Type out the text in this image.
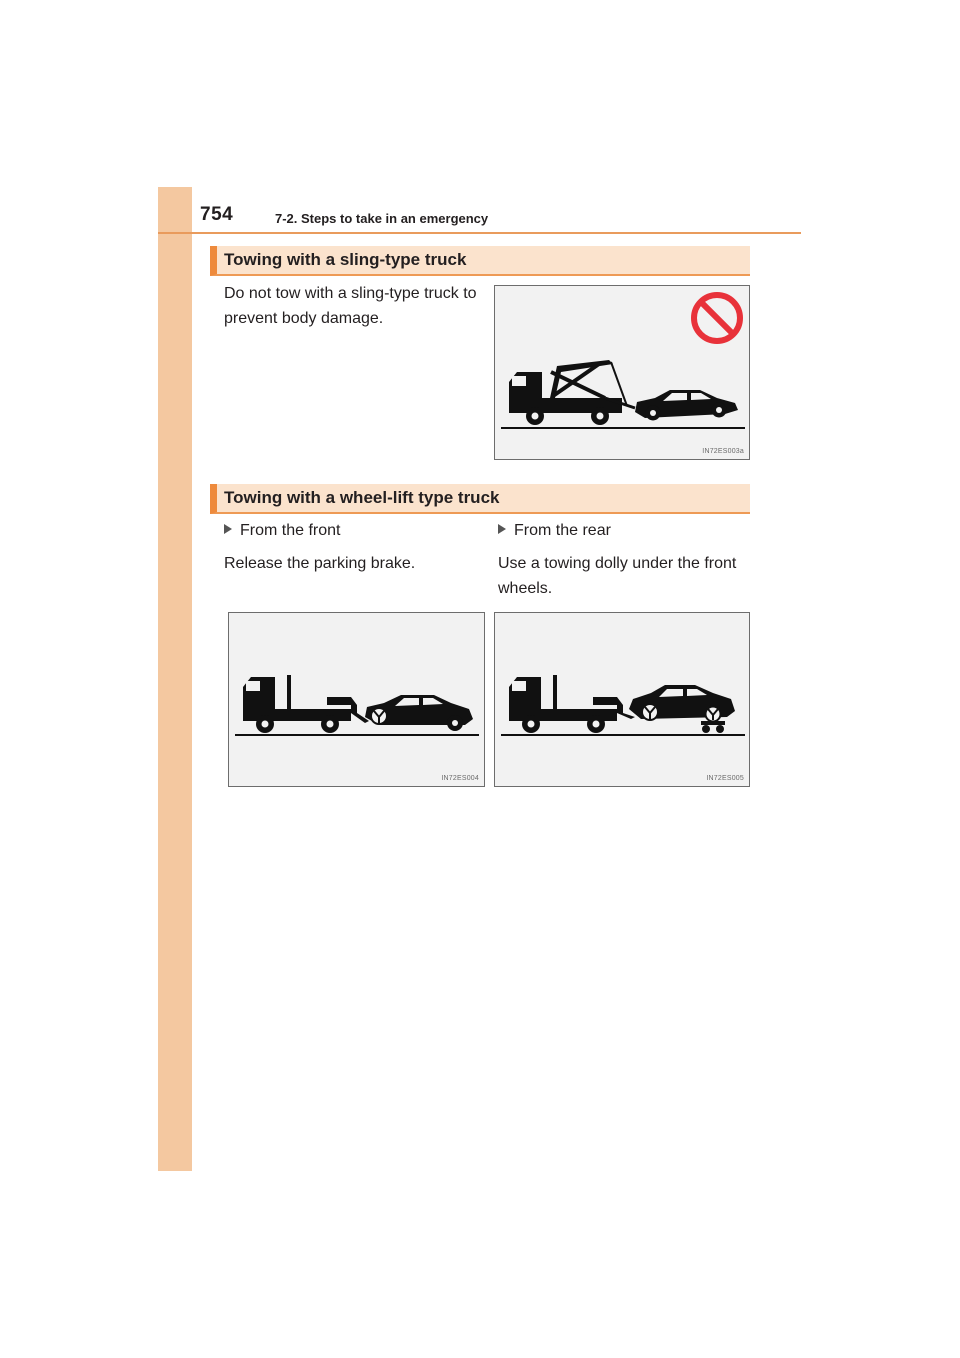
754	7-2. Steps to take in an emergency
Towing with a sling-type truck
Do not tow with a sling-type truck to
prevent body damage.
IN72ES003a
Towing with a wheel-lift type truck
From the front
Release the parking brake.
From the rear
Use a towing dolly under the front
wheels.
IN72ES004	IN72ES005
